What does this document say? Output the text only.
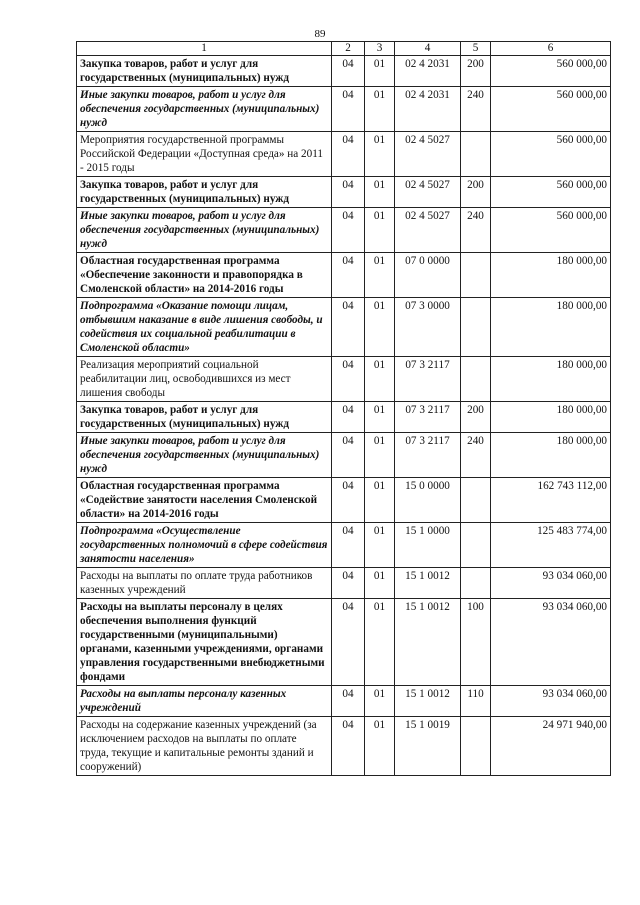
89
1	2	3	4	5	6
Закупка товаров, работ и услуг для государственных (муниципальных) нужд	04	01	02 4 2031	200	560 000,00
Иные закупки товаров, работ и услуг для обеспечения государственных (муниципальных) нужд	04	01	02 4 2031	240	560 000,00
Мероприятия государственной программы Российской Федерации «Доступная среда» на 2011 - 2015 годы	04	01	02 4 5027		560 000,00
Закупка товаров, работ и услуг для государственных (муниципальных) нужд	04	01	02 4 5027	200	560 000,00
Иные закупки товаров, работ и услуг для обеспечения государственных (муниципальных) нужд	04	01	02 4 5027	240	560 000,00
Областная государственная программа «Обеспечение законности и правопорядка в Смоленской области» на 2014-2016 годы	04	01	07 0 0000		180 000,00
Подпрограмма «Оказание помощи лицам, отбывшим наказание в виде лишения свободы, и содействия их социальной реабилитации в Смоленской области»	04	01	07 3 0000		180 000,00
Реализация мероприятий социальной реабилитации лиц, освободившихся из мест лишения свободы	04	01	07 3 2117		180 000,00
Закупка товаров, работ и услуг для государственных (муниципальных) нужд	04	01	07 3 2117	200	180 000,00
Иные закупки товаров, работ и услуг для обеспечения государственных (муниципальных) нужд	04	01	07 3 2117	240	180 000,00
Областная государственная программа «Содействие занятости населения Смоленской области» на 2014-2016 годы	04	01	15 0 0000		162 743 112,00
Подпрограмма «Осуществление государственных полномочий в сфере содействия занятости населения»	04	01	15 1 0000		125 483 774,00
Расходы на выплаты по оплате труда работников казенных учреждений	04	01	15 1 0012		93 034 060,00
Расходы на выплаты персоналу в целях обеспечения выполнения функций государственными (муниципальными) органами, казенными учреждениями, органами управления государственными внебюджетными фондами	04	01	15 1 0012	100	93 034 060,00
Расходы на выплаты персоналу казенных учреждений	04	01	15 1 0012	110	93 034 060,00
Расходы на содержание казенных учреждений (за исключением расходов на выплаты по оплате труда, текущие и капитальные ремонты зданий и сооружений)	04	01	15 1 0019		24 971 940,00
